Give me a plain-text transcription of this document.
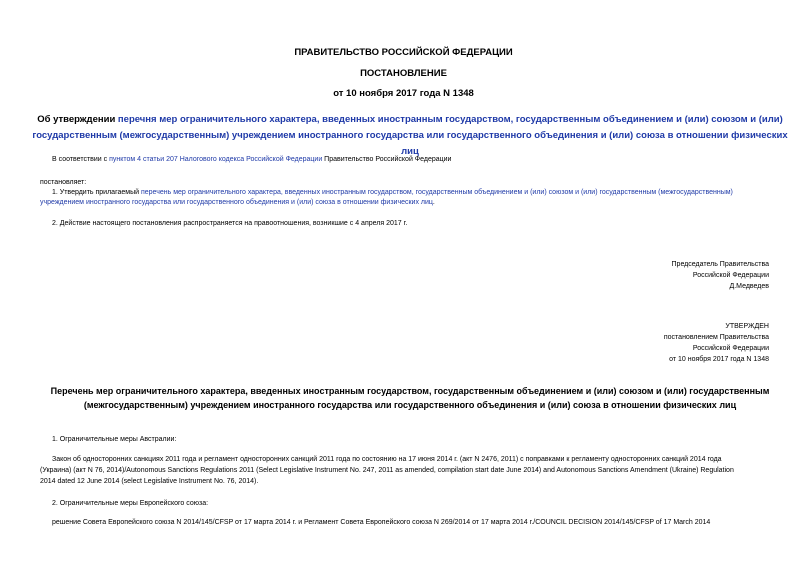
ПРАВИТЕЛЬСТВО РОССИЙСКОЙ ФЕДЕРАЦИИ
ПОСТАНОВЛЕНИЕ
от 10 ноября 2017 года N 1348
Об утверждении перечня мер ограничительного характера, введенных иностранным государством, государственным объединением и (или) союзом и (или) государственным (межгосударственным) учреждением иностранного государства или государственного объединения и (или) союза в отношении физических лиц
В соответствии с пунктом 4 статьи 207 Налогового кодекса Российской Федерации Правительство Российской Федерации
постановляет:
1. Утвердить прилагаемый перечень мер ограничительного характера, введенных иностранным государством, государственным объединением и (или) союзом и (или) государственным (межгосударственным)
учреждением иностранного государства или государственного объединения и (или) союза в отношении физических лиц.
2. Действие настоящего постановления распространяется на правоотношения, возникшие с 4 апреля 2017 г.
Председатель Правительства
Российской Федерации
Д.Медведев
УТВЕРЖДЕН
постановлением Правительства
Российской Федерации
от 10 ноября 2017 года N 1348
Перечень мер ограничительного характера, введенных иностранным государством, государственным объединением и (или) союзом и (или) государственным
(межгосударственным) учреждением иностранного государства или государственного объединения и (или) союза в отношении физических лиц
1. Ограничительные меры Австралии:
Закон об односторонних санкциях 2011 года и регламент односторонних санкций 2011 года по состоянию на 17 июня 2014 г. (акт N 2476, 2011) с поправками к регламенту односторонних санкций 2014 года
(Украина) (акт N 76, 2014)/Autonomous Sanctions Regulations 2011 (Select Legislative Instrument No. 247, 2011 as amended, compilation start date June 2014) and Autonomous Sanctions Amendment (Ukraine) Regulation
2014 dated 12 June 2014 (select Legislative Instrument No. 76, 2014).
2. Ограничительные меры Европейского союза:
решение Совета Европейского союза N 2014/145/CFSP от 17 марта 2014 г. и Регламент Совета Европейского союза N 269/2014 от 17 марта 2014 г./COUNCIL DECISION 2014/145/CFSP of 17 March 2014
